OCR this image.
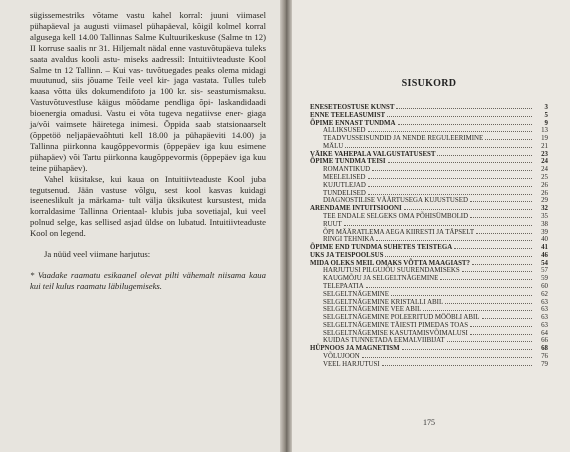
sügissemestriks võtame vastu kahel korral: juuni viimasel pühapäeval ja augusti viimasel pühapäeval, kõigil kolmel korral algusega kell 14.00 Tallinnas Salme Kultuurikeskuse (Salme tn 12) II korruse saalis nr 31. Hiljemalt nädal enne vastuvõtupäeva tuleks saata avaldus kooli astu- miseks aadressil: Intuitiivteaduste Kool Salme tn 12 Tallinn. – Kui vas- tuvõtuegades peaks olema midagi muutunud, siis jõuame Teile veel kir- jaga vastata. Tulles tuleb kaasa võtta üks dokumendifoto ja 100 kr. sis- seastumismaksu. Vastuvõtuvestluse käigus mõõdame pendliga õpi- laskandidaadi bioenergia omadusi. Vastu ei võta tugeva negatiivse ener- giaga ja/või vaimsete häiretega inimesi. Õppida saab statsionaarselt (õppetöö neljapäevaõhtuti kell 18.00 ja pühapäeviti 14.00) ja Tallinna piirkonna kaugõppevormis (õppepäev iga kuu esimene pühapäev) või Tartu piirkonna kaugõppevormis (õppepäev iga kuu teine pühapäev).

Vahel küsitakse, kui kaua on Intuitiivteaduste Kool juba tegutsenud. Jään vastuse võlgu, sest kool kasvas kuidagi iseeneslikult ja märkama- tult välja üksikutest kursustest, mida korraldasime Tallinna Orientaal- klubis juba sovetiajal, kui veel polnud selge, kas sellised asjad üldse on lubatud. Intuitiivteaduste Kool on legend.

Ja nüüd veel viimane harjutus:

* Vaadake raamatu esikaanel olevat pilti vähemalt niisama kaua kui teil kulus raamatu läbilugemiseks.

SISUKORD
ENESETEOSTUSE KUNST	3
ENNE TEELEASUMIST	5
ÕPIME ENNAST TUNDMA	9
ALLIKSUSED	13
TEADVUSSEISUNDID JA NENDE REGULEERIMINE	19
MÄLU	21
VÄIKE VAHEPALA VALGUSTATUSEST	23
ÕPIME TUNDMA TEISI	24
ROMANTIKUD	24
MEELELISED	25
KUJUTLEJAD	26
TUNDELISED	26
DIAGNOSTILISE VÄÄRTUSEGA KUJUSTUSED	29
ARENDAME INTUITSIOONI	32
TEE ENDALE SELGEKS OMA PÕHISÜMBOLID	35
RUUT	38
ÕPI MÄÄRATLEMA AEGA KIIRESTI JA TÄPSELT	39
RINGI TEHNIKA	40
ÕPIME END TUNDMA SUHETES TEISTEGA	41
UKS JA TEISPOOLSUS	46
MIDA OLEKS MEIL OMAKS VÕTTA MAAGIAST?	54
HARJUTUSI PILGUJÕU SUURENDAMISEKS	57
KAUGMÕJU JA SELGELTNÄGEMINE	59
TELEPAATIA	60
SELGELTNÄGEMINE	62
SELGELTNÄGEMINE KRISTALLI ABIL	63
SELGELTNÄGEMINE VEE ABIL	63
SELGELTNÄGEMINE POLEERITUD MÖÖBLI ABIL	63
SELGELTNÄGEMINE TÄIESTI PIMEDAS TOAS	63
SELGELTNÄGEMISE KASUTAMISVÕIMALUSI	64
KUIDAS TUNNETADA EEMALVIIBIJAT	66
HÜPNOOS JA MAGNETISM	68
VÕLUJOON	76
VEEL HARJUTUSI	79
175
